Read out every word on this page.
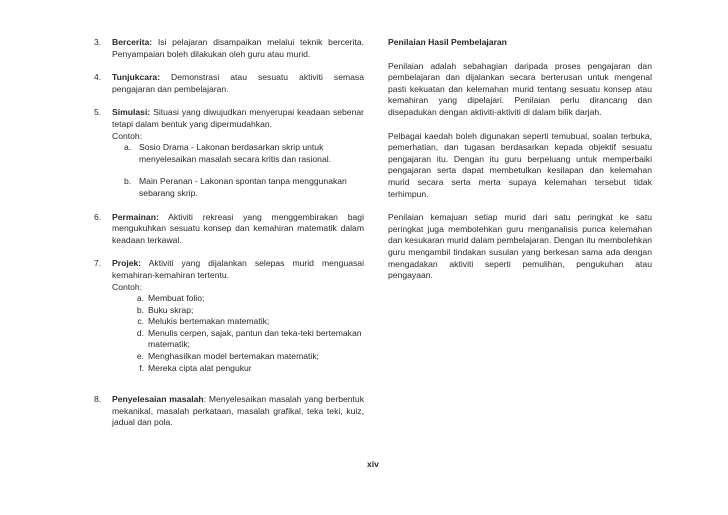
3. Bercerita: Isi pelajaran disampaikan melalui teknik bercerita. Penyampaian boleh dilakukan oleh guru atau murid.
4. Tunjukcara: Demonstrasi atau sesuatu aktiviti semasa pengajaran dan pembelajaran.
5. Simulasi: Situasi yang diwujudkan menyerupai keadaan sebenar tetapi dalam bentuk yang dipermudahkan.
Contoh:
a. Sosio Drama - Lakonan berdasarkan skrip untuk menyelesaikan masalah secara kritis dan rasional.
b. Main Peranan - Lakonan spontan tanpa menggunakan sebarang skrip.
6. Permainan: Aktiviti rekreasi yang menggembirakan bagi mengukuhkan sesuatu konsep dan kemahiran matematik dalam keadaan terkawal.
7. Projek: Aktiviti yang dijalankan selepas murid menguasai kemahiran-kemahiran tertentu.
Contoh:
a. Membuat folio;
b. Buku skrap;
c. Melukis bertemakan matematik;
d. Menulis cerpen, sajak, pantun dan teka-teki bertemakan matematik;
e. Menghasilkan model bertemakan matematik;
f. Mereka cipta alat pengukur
8. Penyelesaian masalah: Menyelesaikan masalah yang berbentuk mekanikal, masalah perkataan, masalah grafikal, teka teki, kuiz, jadual dan pola.

Penilaian Hasil Pembelajaran

Penilaian adalah sebahagian daripada proses pengajaran dan pembelajaran dan dijalankan secara berterusan untuk mengenal pasti kekuatan dan kelemahan murid tentang sesuatu konsep atau kemahiran yang dipelajari. Penilaian perlu dirancang dan disepadukan dengan aktiviti-aktiviti di dalam bilik darjah.

Pelbagai kaedah boleh digunakan seperti temubual, soalan terbuka, pemerhatian, dan tugasan berdasarkan kepada objektif sesuatu pengajaran itu. Dengan itu guru berpeluang untuk memperbaiki pengajaran serta dapat membetulkan kesilapan dan kelemahan murid secara serta merta supaya kelemahan tersebut tidak terhimpun.

Penilaian kemajuan setiap murid dari satu peringkat ke satu peringkat juga membolehkan guru menganalisis punca kelemahan dan kesukaran murid dalam pembelajaran. Dengan itu membolehkan guru mengambil tindakan susulan yang berkesan sama ada dengan mengadakan aktiviti seperti pemulihan, pengukuhan atau pengayaan.

xiv
